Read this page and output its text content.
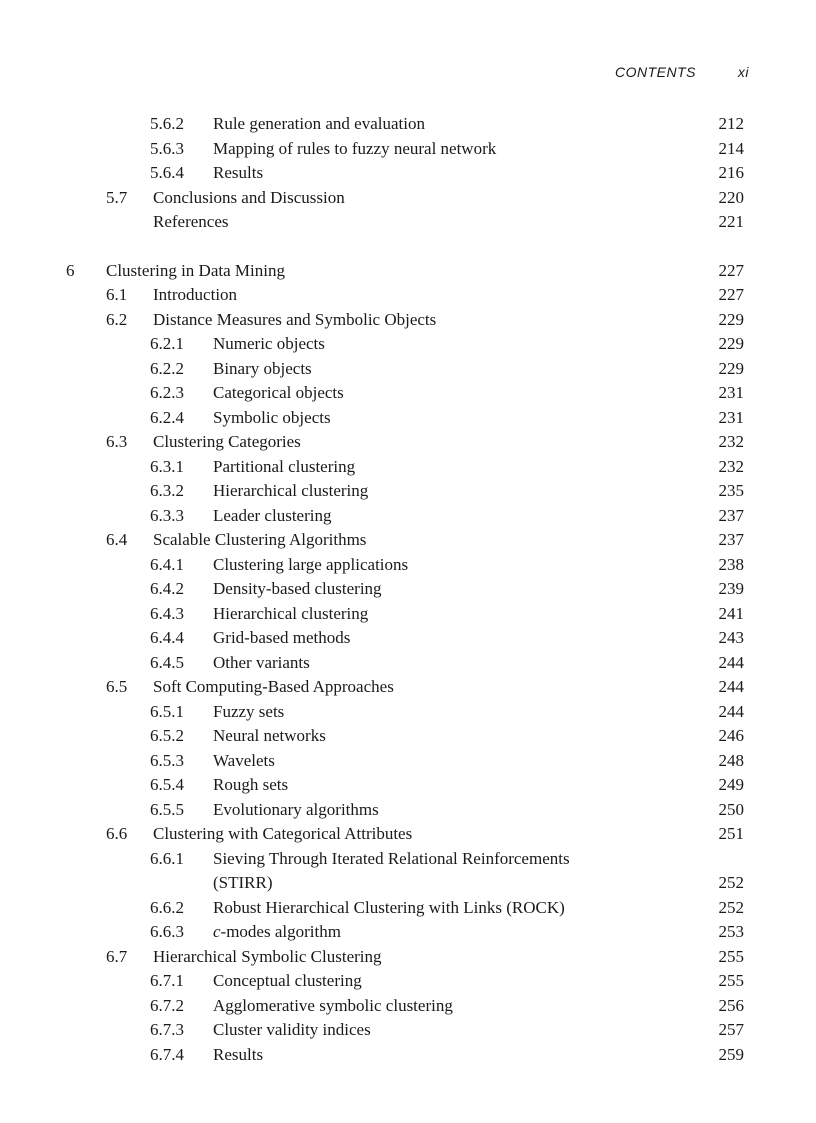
CONTENTS	xi
5.6.2 Rule generation and evaluation	212
5.6.3 Mapping of rules to fuzzy neural network	214
5.6.4 Results	216
5.7 Conclusions and Discussion	220
References	221
6 Clustering in Data Mining	227
6.1 Introduction	227
6.2 Distance Measures and Symbolic Objects	229
6.2.1 Numeric objects	229
6.2.2 Binary objects	229
6.2.3 Categorical objects	231
6.2.4 Symbolic objects	231
6.3 Clustering Categories	232
6.3.1 Partitional clustering	232
6.3.2 Hierarchical clustering	235
6.3.3 Leader clustering	237
6.4 Scalable Clustering Algorithms	237
6.4.1 Clustering large applications	238
6.4.2 Density-based clustering	239
6.4.3 Hierarchical clustering	241
6.4.4 Grid-based methods	243
6.4.5 Other variants	244
6.5 Soft Computing-Based Approaches	244
6.5.1 Fuzzy sets	244
6.5.2 Neural networks	246
6.5.3 Wavelets	248
6.5.4 Rough sets	249
6.5.5 Evolutionary algorithms	250
6.6 Clustering with Categorical Attributes	251
6.6.1 Sieving Through Iterated Relational Reinforcements
(STIRR)	252
6.6.2 Robust Hierarchical Clustering with Links (ROCK)	252
6.6.3 c-modes algorithm	253
6.7 Hierarchical Symbolic Clustering	255
6.7.1 Conceptual clustering	255
6.7.2 Agglomerative symbolic clustering	256
6.7.3 Cluster validity indices	257
6.7.4 Results	259
